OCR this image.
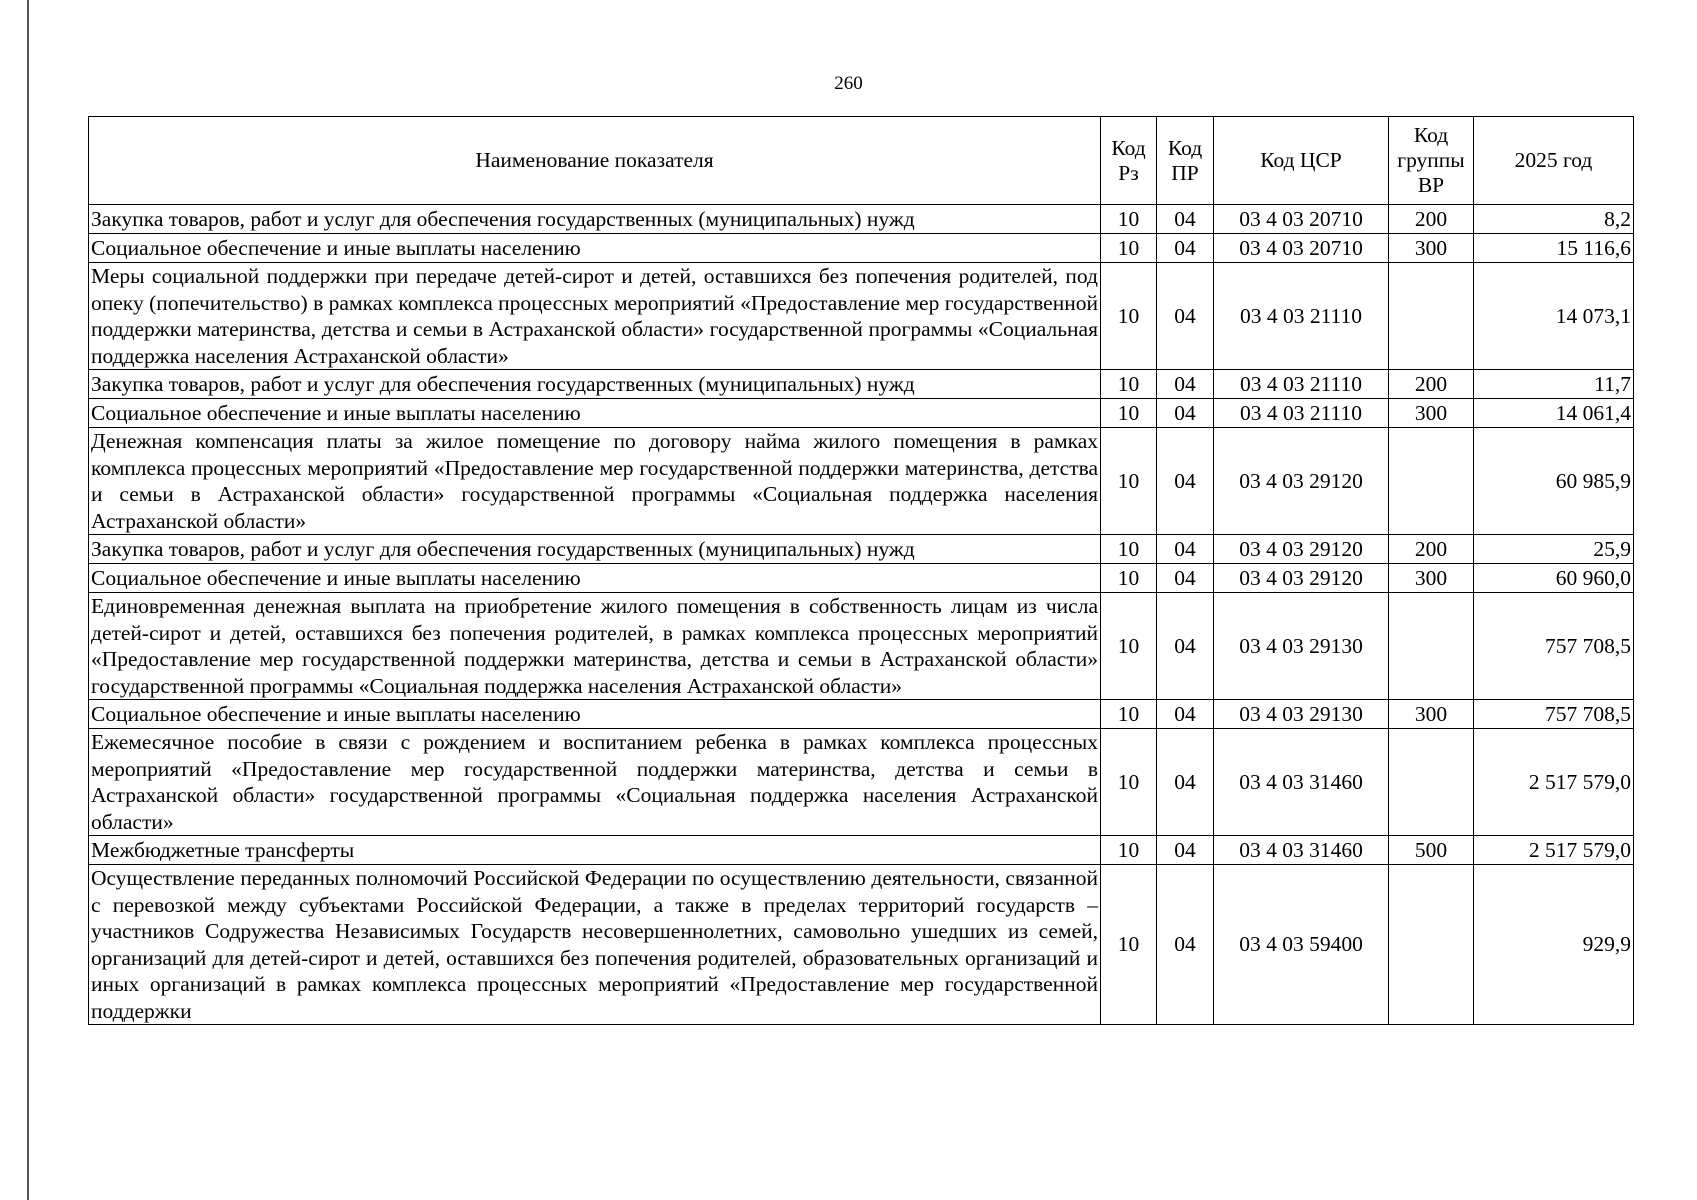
260
Наименование показателя	Код Рз	Код ПР	Код ЦСР	Код группы ВР	2025 год
Закупка товаров, работ и услуг для обеспечения государственных (муниципальных) нужд	10	04	03 4 03 20710	200	8,2
Социальное обеспечение и иные выплаты населению	10	04	03 4 03 20710	300	15 116,6
Меры социальной поддержки при передаче детей-сирот и детей, оставшихся без попечения родителей, под опеку (попечительство) в рамках комплекса процессных мероприятий «Предоставление мер государственной поддержки материнства, детства и семьи в Астраханской области» государственной программы «Социальная поддержка населения Астраханской области»	10	04	03 4 03 21110		14 073,1
Закупка товаров, работ и услуг для обеспечения государственных (муниципальных) нужд	10	04	03 4 03 21110	200	11,7
Социальное обеспечение и иные выплаты населению	10	04	03 4 03 21110	300	14 061,4
Денежная компенсация платы за жилое помещение по договору найма жилого помещения в рамках комплекса процессных мероприятий «Предоставление мер государственной поддержки материнства, детства и семьи в Астраханской области» государственной программы «Социальная поддержка населения Астраханской области»	10	04	03 4 03 29120		60 985,9
Закупка товаров, работ и услуг для обеспечения государственных (муниципальных) нужд	10	04	03 4 03 29120	200	25,9
Социальное обеспечение и иные выплаты населению	10	04	03 4 03 29120	300	60 960,0
Единовременная денежная выплата на приобретение жилого помещения в собственность лицам из числа детей-сирот и детей, оставшихся без попечения родителей, в рамках комплекса процессных мероприятий «Предоставление мер государственной поддержки материнства, детства и семьи в Астраханской области» государственной программы «Социальная поддержка населения Астраханской области»	10	04	03 4 03 29130		757 708,5
Социальное обеспечение и иные выплаты населению	10	04	03 4 03 29130	300	757 708,5
Ежемесячное пособие в связи с рождением и воспитанием ребенка в рамках комплекса процессных мероприятий «Предоставление мер государственной поддержки материнства, детства и семьи в Астраханской области» государственной программы «Социальная поддержка населения Астраханской области»	10	04	03 4 03 31460		2 517 579,0
Межбюджетные трансферты	10	04	03 4 03 31460	500	2 517 579,0
Осуществление переданных полномочий Российской Федерации по осуществлению деятельности, связанной с перевозкой между субъектами Российской Федерации, а также в пределах территорий государств – участников Содружества Независимых Государств несовершеннолетних, самовольно ушедших из семей, организаций для детей-сирот и детей, оставшихся без попечения родителей, образовательных организаций и иных организаций в рамках комплекса процессных мероприятий «Предоставление мер государственной поддержки	10	04	03 4 03 59400		929,9
